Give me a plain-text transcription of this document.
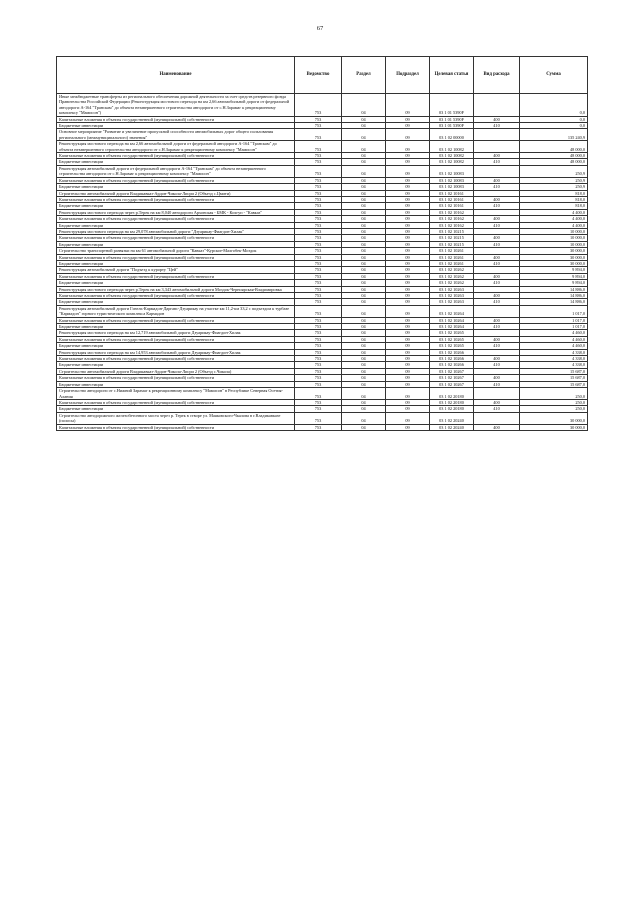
67
Наименование	Ведомство	Раздел	Подраздел	Целевая статья	Вид расхода	Сумма
Иные межбюджетные трансферты из регионального обеспечения дорожной деятельности за счет средств резервного фонда Правительства Российской Федерации (Реконструкция мостового перехода на км 2,66 автомобильной дороги от федеральной автодороги А-164 "Транскам" до объекта незавершенного строительства автодороги от с.Н.Зарамаг к рекреационному комплексу "Мамисон")	753	04	09	03 1 01 5390F		0,0
Капитальные вложения в объекты государственной (муниципальной) собственности	753	04	09	03 1 01 5390F	400	0,0
Бюджетные инвестиции	753	04	09	03 1 01 5390F	410	0,0
Основное мероприятие "Развитие и увеличение пропускной способности автомобильных дорог общего пользования регионального (межмуниципального) значения"	753	04	09	03 1 02 00000		135 240,9
Реконструкция мостового перехода на км 2,66 автомобильной дороги от федеральной автодороги А-164 "Транскам" до объекта незавершенного строительства автодороги от с.Н.Зарамаг к рекреационному комплексу "Мамисон"	753	04	09	03 1 02 10082		48 000,0
Капитальные вложения в объекты государственной (муниципальной) собственности	753	04	09	03 1 02 10082	400	48 000,0
Бюджетные инвестиции	753	04	09	03 1 02 10082	410	48 000,0
Реконструкция автомобильной дороги от федеральной автодороги А-164 "Транскам" до объекта незавершенного строительства автодороги от с.Н.Зарамаг к рекреационному комплексу "Мамисон"	753	04	09	03 1 02 10083		250,9
Капитальные вложения в объекты государственной (муниципальной) собственности	753	04	09	03 1 02 10083	400	250,9
Бюджетные инвестиции	753	04	09	03 1 02 10083	410	250,9
Строительство автомобильной дороги Владикавказ-Ардон-Чикола-Лисри 2 (Объезд с.Цмити)	753	04	09	03 1 02 10161		818,0
Капитальные вложения в объекты государственной (муниципальной) собственности	753	04	09	03 1 02 10161	400	818,0
Бюджетные инвестиции	753	04	09	03 1 02 10161	410	818,0
Реконструкция мостового перехода через р.Терек на км 8,040 автодороги Архонская - БМК - Кохгуп - "Кавказ"	753	04	09	03 1 02 10162		4 400,0
Капитальные вложения в объекты государственной (муниципальной) собственности	753	04	09	03 1 02 10162	400	4 400,0
Бюджетные инвестиции	753	04	09	03 1 02 10162	410	4 400,0
Реконструкция мостового перехода на км 29,078 автомобильной дороги "Дзуарикау-Фиагдон-Хилак"	753	04	09	03 1 02 10215		10 000,0
Капитальные вложения в объекты государственной (муниципальной) собственности	753	04	09	03 1 02 10215	400	10 000,0
Бюджетные инвестиции	753	04	09	03 1 02 10215	410	10 000,0
Строительство транспортной развязки на км 61 автомобильной дороги "Кавказ"-Курское-Малгобек-Моздок	753	04	09	03 1 02 10261		30 000,0
Капитальные вложения в объекты государственной (муниципальной) собственности	753	04	09	03 1 02 10261	400	30 000,0
Бюджетные инвестиции	753	04	09	03 1 02 10261	410	30 000,0
Реконструкция автомобильной дороги "Подъезд к курорту "Цей"	753	04	09	03 1 02 10262		9 894,0
Капитальные вложения в объекты государственной (муниципальной) собственности	753	04	09	03 1 02 10262	400	9 894,0
Бюджетные инвестиции	753	04	09	03 1 02 10262	410	9 894,0
Реконструкция мостового перехода через р.Терек на км 3,343 автомобильной дороги Моздок-Черноярская-Владимировка	753	04	09	03 1 02 10263		14 886,0
Капитальные вложения в объекты государственной (муниципальной) собственности	753	04	09	03 1 02 10263	400	14 886,0
Бюджетные инвестиции	753	04	09	03 1 02 10263	410	14 886,0
Реконструкция автомобильной дороги Гизель-Кармадон-Даргавс-Дзуарикау на участке км 11,2-км 33,2 с подъездом к турбазе "Кармадон" горного туристического комплекса Кармадон	753	04	09	03 1 02 10264		1 017,0
Капитальные вложения в объекты государственной (муниципальной) собственности	753	04	09	03 1 02 10264	400	1 017,0
Бюджетные инвестиции	753	04	09	03 1 02 10264	410	1 017,0
Реконструкция мостового перехода на км 12,719 автомобильной дороги Дзуарикау-Фиагдон-Хилак	753	04	09	03 1 02 10265		4 460,0
Капитальные вложения в объекты государственной (муниципальной) собственности	753	04	09	03 1 02 10265	400	4 460,0
Бюджетные инвестиции	753	04	09	03 1 02 10265	410	4 460,0
Реконструкция мостового перехода на км 14,953 автомобильной дороги Дзуарикау-Фиагдон-Хилак	753	04	09	03 1 02 10266		4 338,0
Капитальные вложения в объекты государственной (муниципальной) собственности	753	04	09	03 1 02 10266	400	4 338,0
Бюджетные инвестиции	753	04	09	03 1 02 10266	410	4 338,0
Строительство автомобильной дороги Владикавказ-Ардон-Чикола-Лисри 2 (Объезд с.Чикола)	753	04	09	03 1 02 10267		15 687,0
Капитальные вложения в объекты государственной (муниципальной) собственности	753	04	09	03 1 02 10267	400	15 687,0
Бюджетные инвестиции	753	04	09	03 1 02 10267	410	15 687,0
Строительство автодороги от с.Нижний Зарамаг к рекреационному комплексу "Мамисон" в Республике Северная Осетия-Алания	753	04	09	03 1 02 20180		250,0
Капитальные вложения в объекты государственной (муниципальной) собственности	753	04	09	03 1 02 20180	400	250,0
Бюджетные инвестиции	753	04	09	03 1 02 20180	410	250,0
Строительство автодорожного железобетонного моста через р. Терек в створе ул. Маяковского-Чкалова в г.Владикавказе (полосы)	753	04	09	03 1 02 20240		30 000,0
Капитальные вложения в объекты государственной (муниципальной) собственности	753	04	09	03 1 02 20240	400	30 000,0
